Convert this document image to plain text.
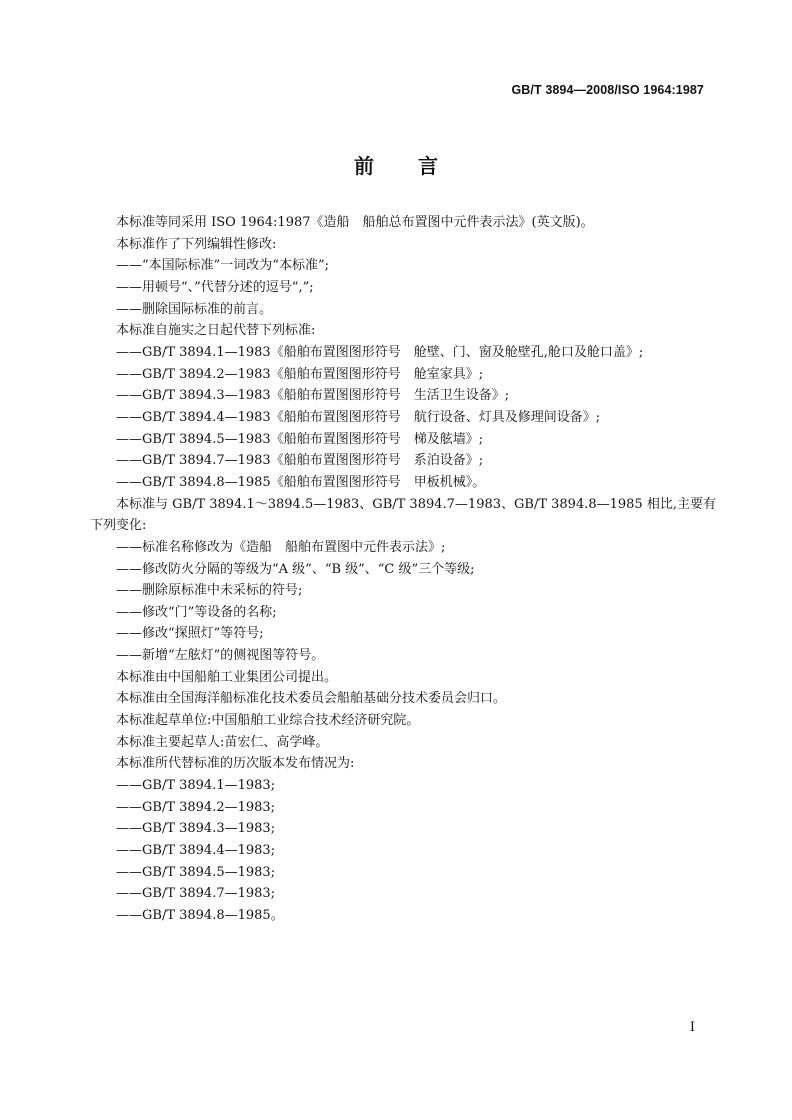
GB/T 3894—2008/ISO 1964:1987
前言

本标准等同采用 ISO 1964:1987《造船　船舶总布置图中元件表示法》(英文版)。

本标准作了下列编辑性修改:

——“本国际标准”一词改为“本标准”;

——用顿号“、”代替分述的逗号“,”;

——删除国际标准的前言。

本标准自施实之日起代替下列标准:

——GB/T 3894.1—1983《船舶布置图图形符号　舱壁、门、窗及舱壁孔,舱口及舱口盖》;

——GB/T 3894.2—1983《船舶布置图图形符号　舱室家具》;

——GB/T 3894.3—1983《船舶布置图图形符号　生活卫生设备》;

——GB/T 3894.4—1983《船舶布置图图形符号　航行设备、灯具及修理间设备》;

——GB/T 3894.5—1983《船舶布置图图形符号　梯及舷墙》;

——GB/T 3894.7—1983《船舶布置图图形符号　系泊设备》;

——GB/T 3894.8—1985《船舶布置图图形符号　甲板机械》。

本标准与 GB/T 3894.1～3894.5—1983、GB/T 3894.7—1983、GB/T 3894.8—1985 相比,主要有

下列变化:

——标准名称修改为《造船　船舶布置图中元件表示法》;

——修改防火分隔的等级为“A 级”、“B 级”、“C 级”三个等级;

——删除原标准中未采标的符号;

——修改“门”等设备的名称;

——修改“探照灯”等符号;

——新增“左舷灯”的侧视图等符号。

本标准由中国船舶工业集团公司提出。

本标准由全国海洋船标准化技术委员会船舶基础分技术委员会归口。

本标准起草单位:中国船舶工业综合技术经济研究院。

本标准主要起草人:苗宏仁、高学峰。

本标准所代替标准的历次版本发布情况为:

——GB/T 3894.1—1983;

——GB/T 3894.2—1983;

——GB/T 3894.3—1983;

——GB/T 3894.4—1983;

——GB/T 3894.5—1983;

——GB/T 3894.7—1983;

——GB/T 3894.8—1985。

I
